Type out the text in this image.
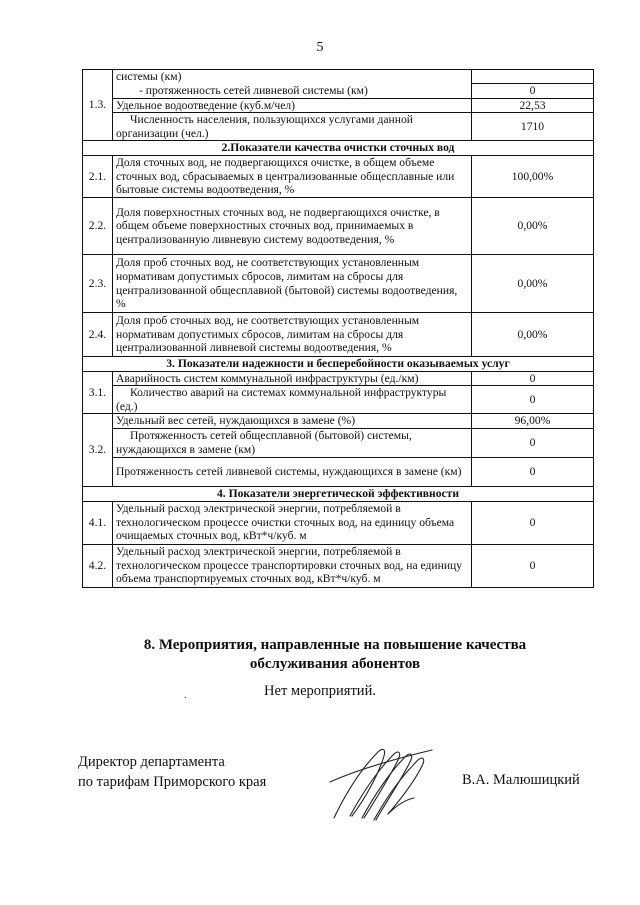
5
1.3.	системы (км)	
	- протяженность сетей ливневой системы (км)	0
	Удельное водоотведение (куб.м/чел)	22,53
	Численность населения, пользующихся услугами данной организации (чел.)	1710
2.Показатели качества очистки сточных вод		
2.1.	Доля сточных вод, не подвергающихся очистке, в общем объеме сточных вод, сбрасываемых в централизованные общесплавные или бытовые системы водоотведения, %	100,00%
2.2.	Доля поверхностных сточных вод, не подвергающихся очистке, в общем объеме поверхностных сточных вод, принимаемых в централизованную ливневую систему водоотведения, %	0,00%
2.3.	Доля проб сточных вод, не соответствующих установленным нормативам допустимых сбросов, лимитам на сбросы для централизованной общесплавной (бытовой) системы водоотведения, %	0,00%
2.4.	Доля проб сточных вод, не соответствующих установленным нормативам допустимых сбросов, лимитам на сбросы для централизованной ливневой системы водоотведения, %	0,00%
3. Показатели надежности и бесперебойности оказываемых услуг		
3.1.	Аварийность систем коммунальной инфраструктуры (ед./км)	0
	Количество аварий на системах коммунальной инфраструктуры (ед.)	0
3.2.	Удельный вес сетей, нуждающихся в замене (%)	96,00%
	Протяженность сетей общесплавной (бытовой) системы, нуждающихся в замене (км)	0
	Протяженность сетей ливневой системы, нуждающихся в замене (км)	0
4. Показатели энергетической эффективности		
4.1.	Удельный расход электрической энергии, потребляемой в технологическом процессе очистки сточных вод, на единицу объема очищаемых сточных вод, кВт*ч/куб. м	0
4.2.	Удельный расход электрической энергии, потребляемой в технологическом процессе транспортировки сточных вод, на единицу объема транспортируемых сточных вод, кВт*ч/куб. м	0
8. Мероприятия, направленные на повышение качества
обслуживания абонентов
Нет мероприятий.
.
Директор департамента
по тарифам Приморского края	В.А. Малюшицкий
